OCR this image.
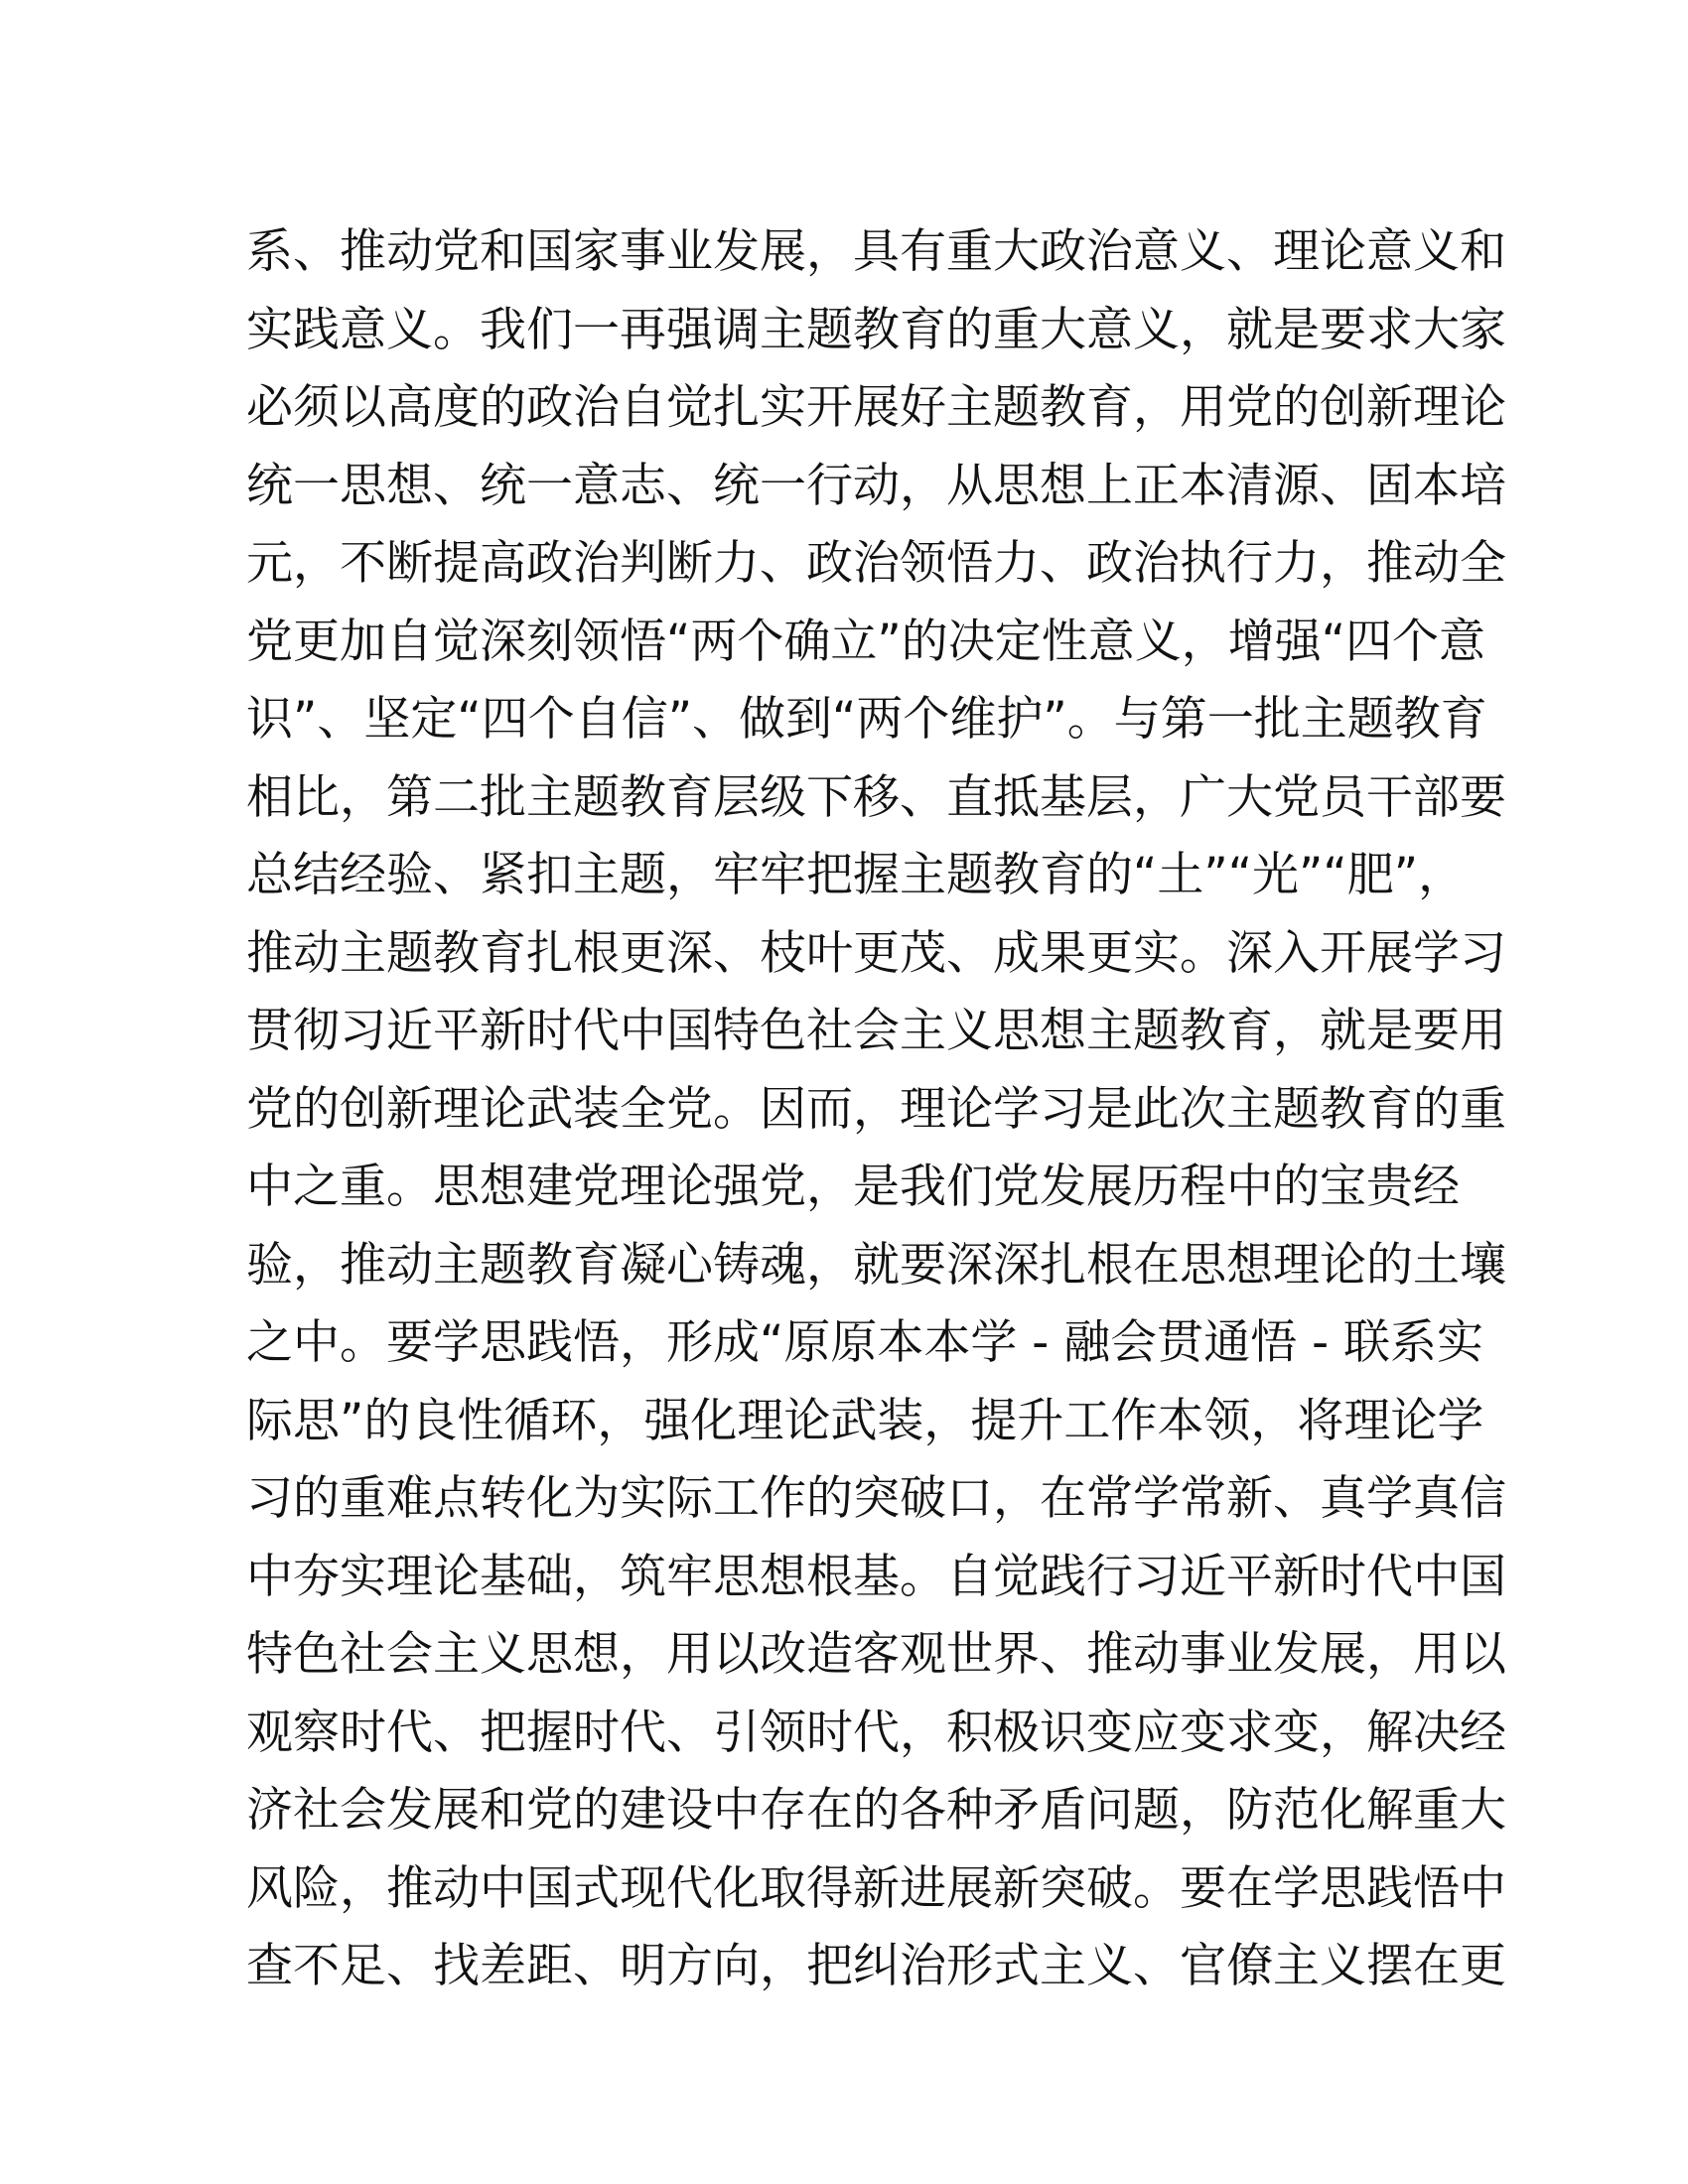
系、推动党和国家事业发展，具有重大政治意义、理论意义和
实践意义。我们一再强调主题教育的重大意义，就是要求大家
必须以高度的政治自觉扎实开展好主题教育，用党的创新理论
统一思想、统一意志、统一行动，从思想上正本清源、固本培
元，不断提高政治判断力、政治领悟力、政治执行力，推动全
党更加自觉深刻领悟“两个确立”的决定性意义，增强“四个意
识”、坚定“四个自信”、做到“两个维护”。与第一批主题教育
相比，第二批主题教育层级下移、直抵基层，广大党员干部要
总结经验、紧扣主题，牢牢把握主题教育的“土”“光”“肥”，
推动主题教育扎根更深、枝叶更茂、成果更实。深入开展学习
贯彻习近平新时代中国特色社会主义思想主题教育，就是要用
党的创新理论武装全党。因而，理论学习是此次主题教育的重
中之重。思想建党理论强党，是我们党发展历程中的宝贵经
验，推动主题教育凝心铸魂，就要深深扎根在思想理论的土壤
之中。要学思践悟，形成“原原本本学 - 融会贯通悟 - 联系实
际思”的良性循环，强化理论武装，提升工作本领，将理论学
习的重难点转化为实际工作的突破口，在常学常新、真学真信
中夯实理论基础，筑牢思想根基。自觉践行习近平新时代中国
特色社会主义思想，用以改造客观世界、推动事业发展，用以
观察时代、把握时代、引领时代，积极识变应变求变，解决经
济社会发展和党的建设中存在的各种矛盾问题，防范化解重大
风险，推动中国式现代化取得新进展新突破。要在学思践悟中
查不足、找差距、明方向，把纠治形式主义、官僚主义摆在更
